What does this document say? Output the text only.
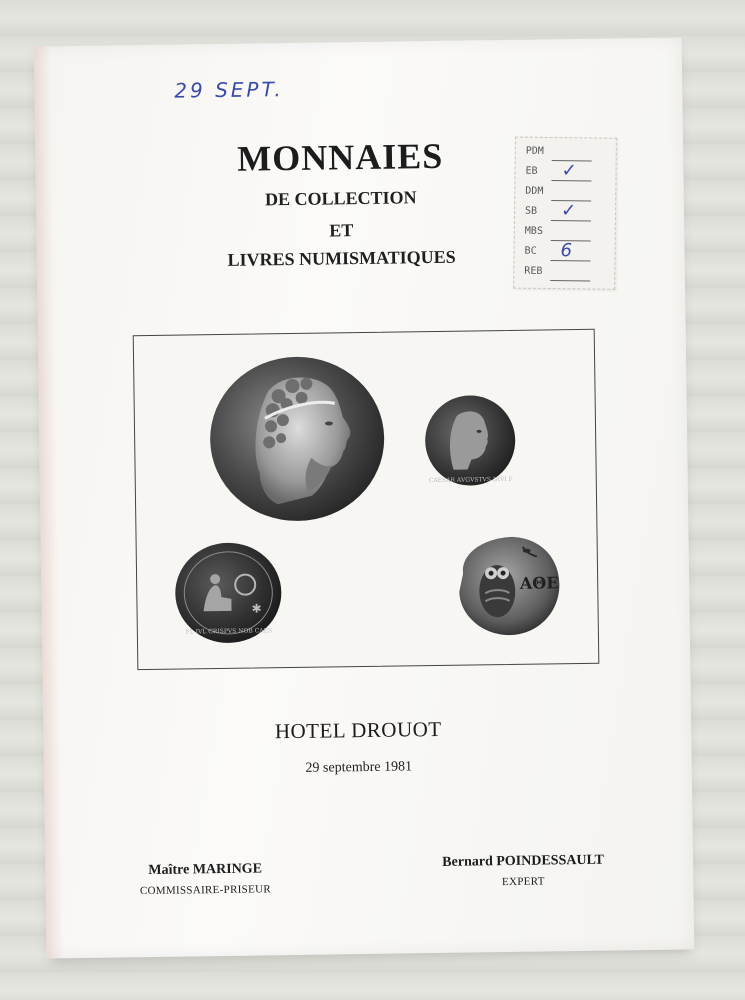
29 SEPT.
MONNAIES
DE COLLECTION
ET
LIVRES NUMISMATIQUES
PDM
EB ✓
DDM
SB ✓
MBS
BC 6
REB
CAESAR AVGVSTVS DIVI F
✱
FL IVL CRISPVS NOB CAES
ΑΘΕ
HOTEL DROUOT
29 septembre 1981
Maître MARINGE
COMMISSAIRE-PRISEUR
Bernard POINDESSAULT
EXPERT
